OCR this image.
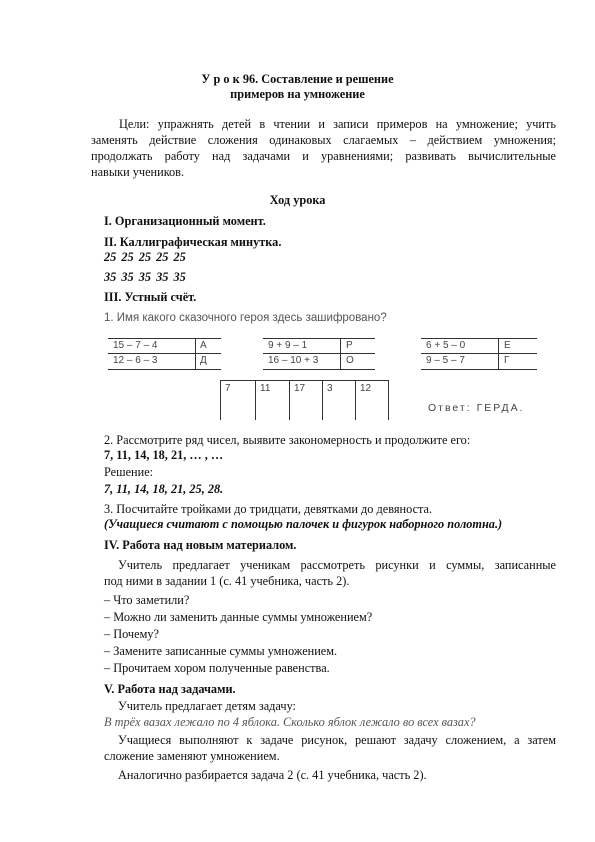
У р о к 96. Составление и решение
примеров на умножение
Цели: упражнять детей в чтении и записи примеров на умножение; учить
заменять действие сложения одинаковых слагаемых – действием умножения;
продолжать работу над задачами и уравнениями; развивать вычислительные
навыки учеников.
Ход урока
I. Организационный момент.
II. Каллиграфическая минутка.
25 25 25 25 25
35 35 35 35 35
III. Устный счёт.
1. Имя какого сказочного героя здесь зашифровано?
15 – 7 – 4	А
12 – 6 – 3	Д
9 + 9 – 1	Р
16 – 10 + 3	О
6 + 5 – 0	Е
9 – 5 – 7	Г
7	11 17 3	12
Ответ: ГЕРДА.
2. Рассмотрите ряд чисел, выявите закономерность и продолжите его:
7, 11, 14, 18, 21, … , …
Решение:
7, 11, 14, 18, 21, 25, 28.
3. Посчитайте тройками до тридцати, девятками до девяноста.
(Учащиеся считают с помощью палочек и фигурок наборного полотна.)
IV. Работа над новым материалом.
Учитель предлагает ученикам рассмотреть рисунки и суммы, записанные
под ними в задании 1 (с. 41 учебника, часть 2).
– Что заметили?
– Можно ли заменить данные суммы умножением?
– Почему?
– Замените записанные суммы умножением.
– Прочитаем хором полученные равенства.
V. Работа над задачами.
Учитель предлагает детям задачу:
В трёх вазах лежало по 4 яблока. Сколько яблок лежало во всех вазах?
Учащиеся выполняют к задаче рисунок, решают задачу сложением, а затем
сложение заменяют умножением.
Аналогично разбирается задача 2 (с. 41 учебника, часть 2).
